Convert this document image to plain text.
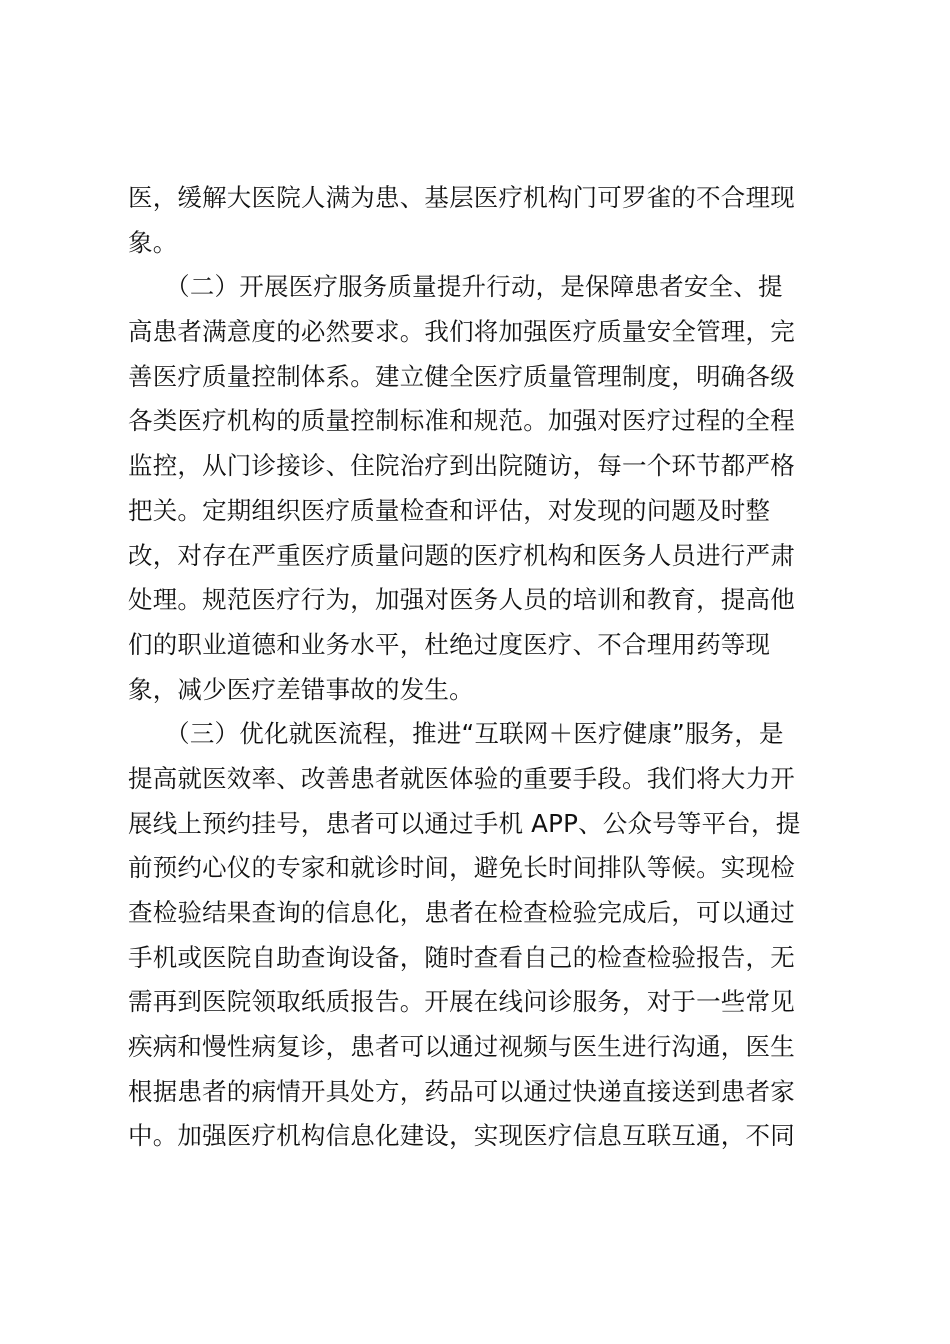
医，缓解大医院人满为患、基层医疗机构门可罗雀的不合理现
象。
　　（二）开展医疗服务质量提升行动，是保障患者安全、提
高患者满意度的必然要求。我们将加强医疗质量安全管理，完
善医疗质量控制体系。建立健全医疗质量管理制度，明确各级
各类医疗机构的质量控制标准和规范。加强对医疗过程的全程
监控，从门诊接诊、住院治疗到出院随访，每一个环节都严格
把关。定期组织医疗质量检查和评估，对发现的问题及时整
改，对存在严重医疗质量问题的医疗机构和医务人员进行严肃
处理。规范医疗行为，加强对医务人员的培训和教育，提高他
们的职业道德和业务水平，杜绝过度医疗、不合理用药等现
象，减少医疗差错事故的发生。
　　（三）优化就医流程，推进“互联网＋医疗健康”服务，是
提高就医效率、改善患者就医体验的重要手段。我们将大力开
展线上预约挂号，患者可以通过手机 APP、公众号等平台，提
前预约心仪的专家和就诊时间，避免长时间排队等候。实现检
查检验结果查询的信息化，患者在检查检验完成后，可以通过
手机或医院自助查询设备，随时查看自己的检查检验报告，无
需再到医院领取纸质报告。开展在线问诊服务，对于一些常见
疾病和慢性病复诊，患者可以通过视频与医生进行沟通，医生
根据患者的病情开具处方，药品可以通过快递直接送到患者家
中。加强医疗机构信息化建设，实现医疗信息互联互通，不同
